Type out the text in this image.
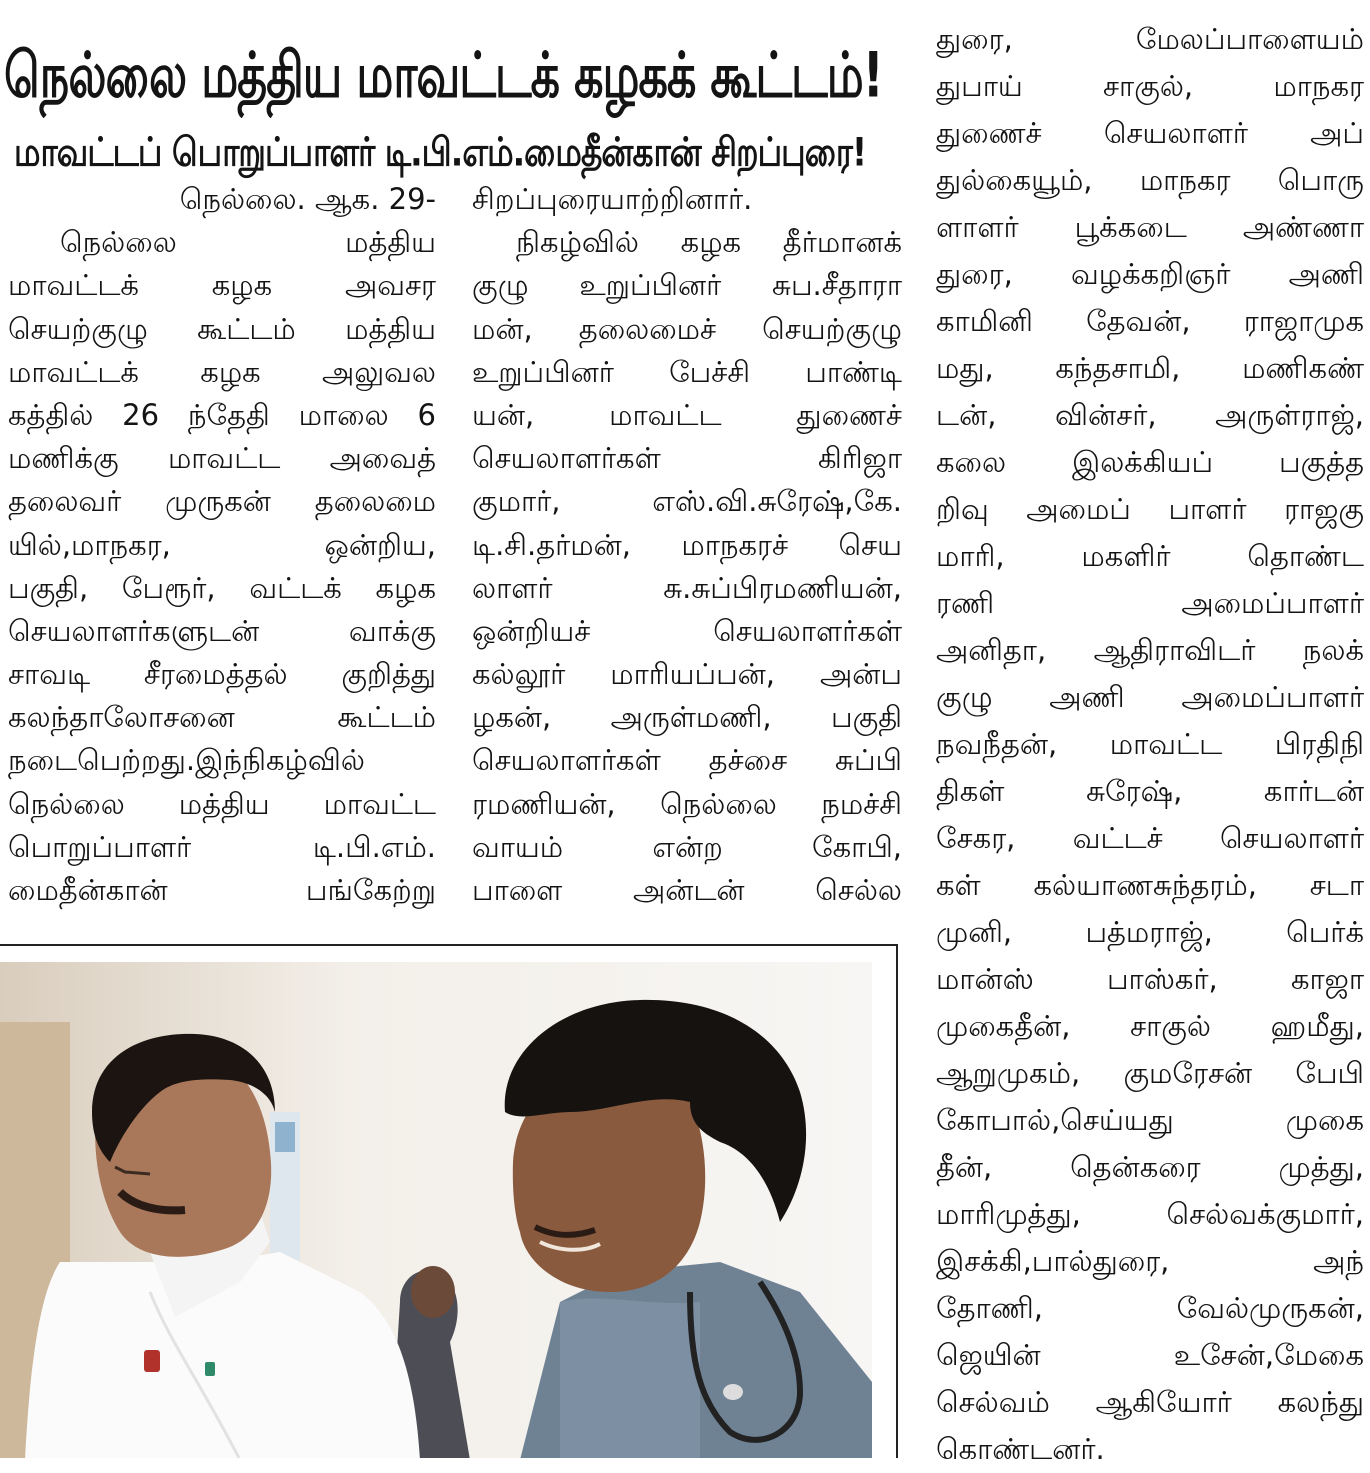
நெல்லை மத்திய மாவட்டக் கழகக் கூட்டம்!
மாவட்டப் பொறுப்பாளர் டி.பி.எம்.மைதீன்கான் சிறப்புரை!
நெல்லை. ஆக. 29-
நெல்லை மத்திய
மாவட்டக் கழக அவசர
செயற்குழு கூட்டம் மத்திய
மாவட்டக் கழக அலுவல
கத்தில் 26 ந்தேதி மாலை 6
மணிக்கு மாவட்ட அவைத்
தலைவர் முருகன் தலைமை
யில்,மாநகர, ஒன்றிய,
பகுதி, பேரூர், வட்டக் கழக
செயலாளர்களுடன் வாக்கு
சாவடி சீரமைத்தல் குறித்து
கலந்தாலோசனை கூட்டம்
நடைபெற்றது.இந்நிகழ்வில்
நெல்லை மத்திய மாவட்ட
பொறுப்பாளர் டி.பி.எம்.
மைதீன்கான் பங்கேற்று
சிறப்புரையாற்றினார்.
நிகழ்வில் கழக தீர்மானக்
குழு உறுப்பினர் சுப.சீதாரா
மன், தலைமைச் செயற்குழு
உறுப்பினர் பேச்சி பாண்டி
யன், மாவட்ட துணைச்
செயலாளர்கள் கிரிஜா
குமார், எஸ்.வி.சுரேஷ்,கே.
டி.சி.தர்மன், மாநகரச் செய
லாளர் சு.சுப்பிரமணியன்,
ஒன்றியச் செயலாளர்கள்
கல்லூர் மாரியப்பன், அன்ப
ழகன், அருள்மணி, பகுதி
செயலாளர்கள் தச்சை சுப்பி
ரமணியன், நெல்லை நமச்சி
வாயம் என்ற கோபி,
பாளை அன்டன் செல்ல
துரை, மேலப்பாளையம்
துபாய் சாகுல், மாநகர
துணைச் செயலாளர் அப்
துல்கையூம், மாநகர பொரு
ளாளர் பூக்கடை அண்ணா
துரை, வழக்கறிஞர் அணி
காமினி தேவன், ராஜாமுக
மது, கந்தசாமி, மணிகண்
டன், வின்சர், அருள்ராஜ்,
கலை இலக்கியப் பகுத்த
றிவு அமைப் பாளர் ராஜகு
மாரி, மகளிர் தொண்ட
ரணி அமைப்பாளர்
அனிதா, ஆதிராவிடர் நலக்
குழு அணி அமைப்பாளர்
நவநீதன், மாவட்ட பிரதிநி
திகள் சுரேஷ், கார்டன்
சேகர, வட்டச் செயலாளர்
கள் கல்யாணசுந்தரம், சடா
முனி, பத்மராஜ், பெர்க்
மான்ஸ் பாஸ்கர், காஜா
முகைதீன், சாகுல் ஹமீது,
ஆறுமுகம், குமரேசன் பேபி
கோபால்,செய்யது முகை
தீன், தென்கரை முத்து,
மாரிமுத்து, செல்வக்குமார்,
இசக்கி,பால்துரை, அந்
தோணி, வேல்முருகன்,
ஜெயின் உசேன்,மேகை
செல்வம் ஆகியோர் கலந்து
கொண்டனர்.
